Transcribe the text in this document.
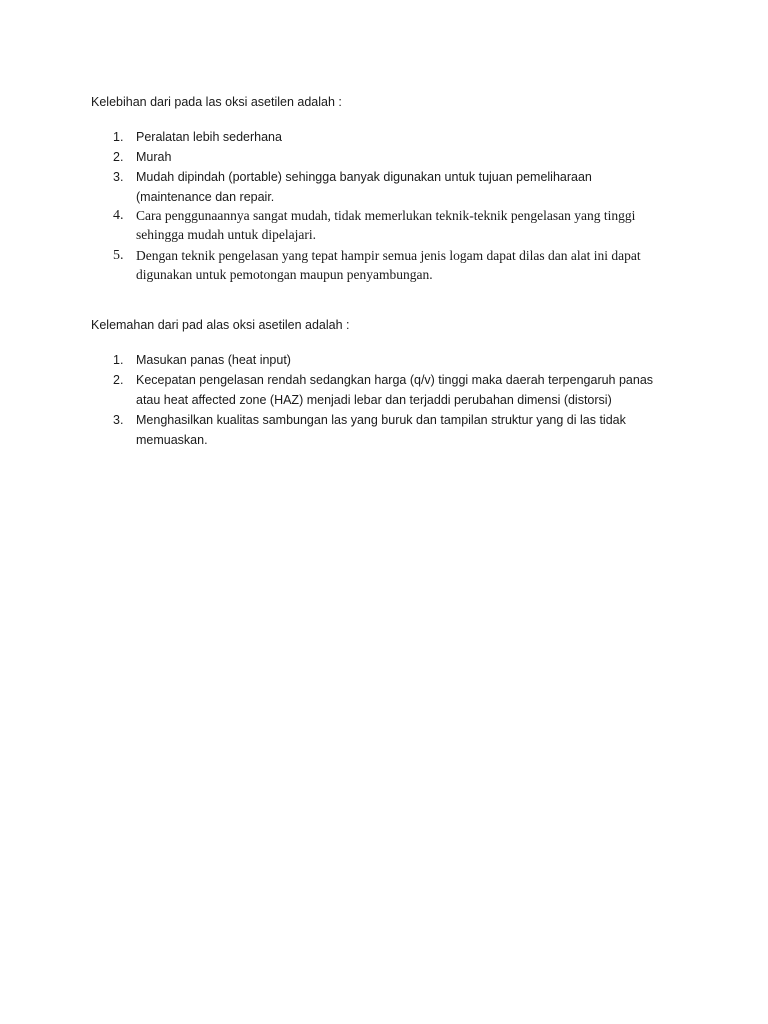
Kelebihan dari pada las oksi asetilen adalah :

1. Peralatan lebih sederhana
2. Murah
3. Mudah dipindah (portable) sehingga banyak digunakan untuk tujuan pemeliharaan (maintenance dan repair.
4. Cara penggunaannya sangat mudah, tidak memerlukan teknik-teknik pengelasan yang tinggi sehingga mudah untuk dipelajari.
5. Dengan teknik pengelasan yang tepat hampir semua jenis logam dapat dilas dan alat ini dapat digunakan untuk pemotongan maupun penyambungan.

Kelemahan dari pad alas oksi asetilen adalah :

1. Masukan panas (heat input)
2. Kecepatan pengelasan rendah sedangkan harga (q/v) tinggi maka daerah terpengaruh panas atau heat affected zone (HAZ) menjadi lebar dan terjaddi perubahan dimensi (distorsi)
3. Menghasilkan kualitas sambungan las yang buruk dan tampilan struktur yang di las tidak memuaskan.
